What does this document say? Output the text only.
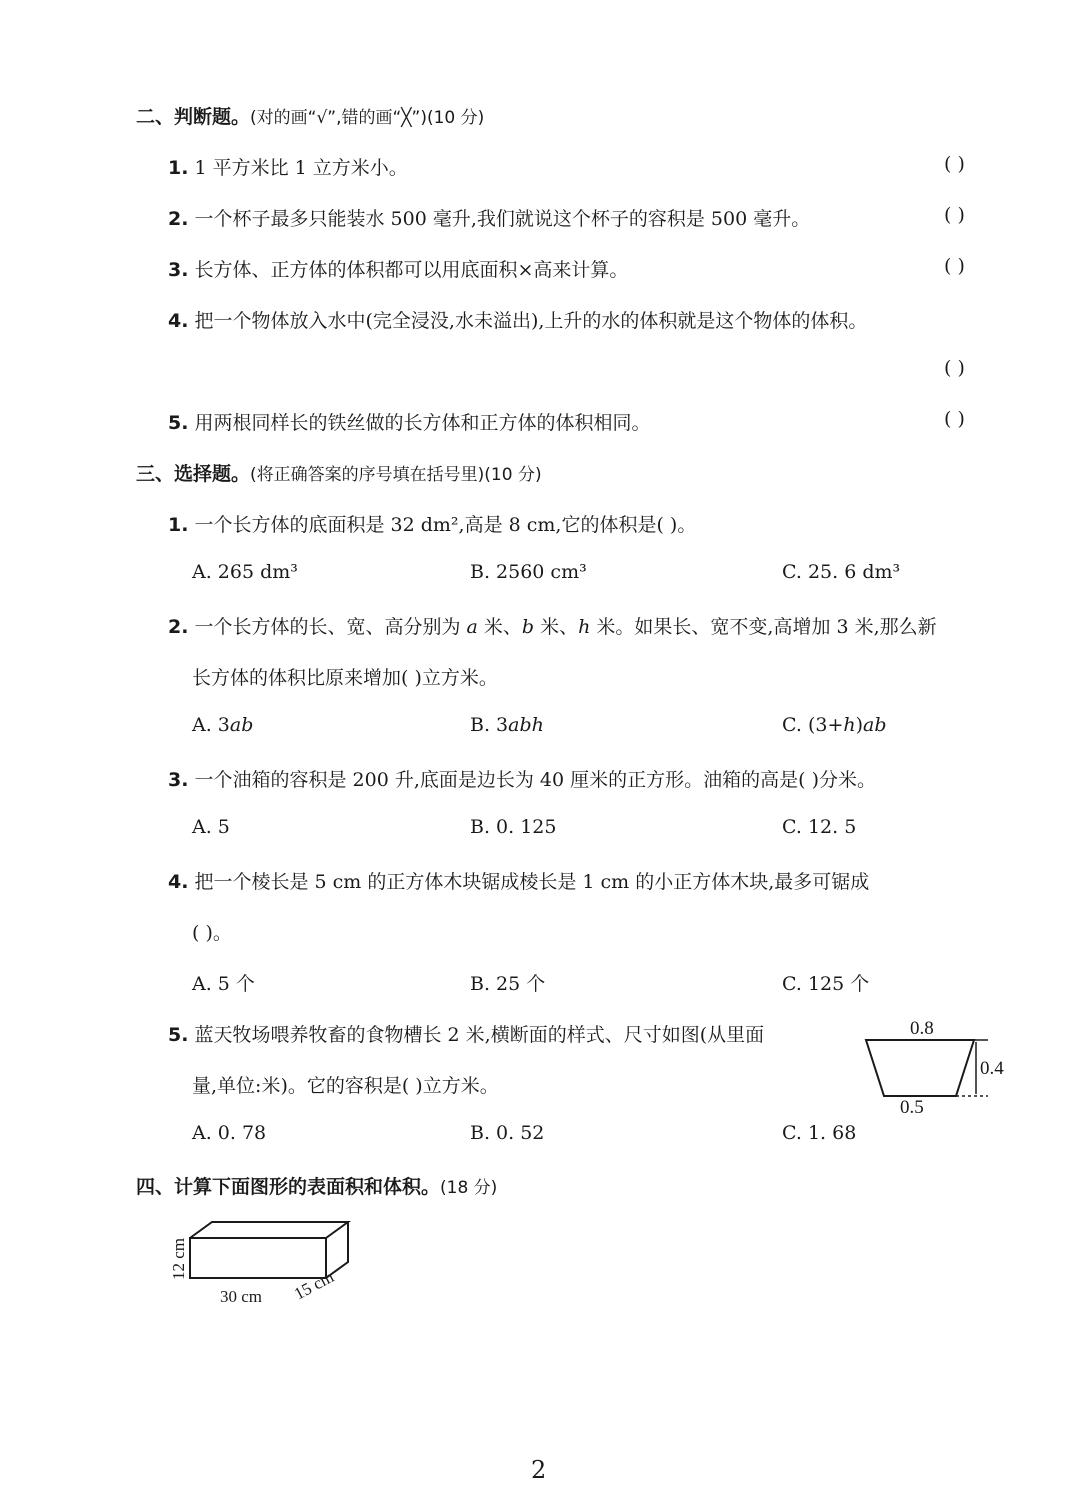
二、判断题。(对的画“√”,错的画“╳”)(10 分)
1. 1 平方米比 1 立方米小。	( )
2. 一个杯子最多只能装水 500 毫升,我们就说这个杯子的容积是 500 毫升。	( )
3. 长方体、正方体的体积都可以用底面积×高来计算。	( )
4. 把一个物体放入水中(完全浸没,水未溢出),上升的水的体积就是这个物体的体积。
( )
5. 用两根同样长的铁丝做的长方体和正方体的体积相同。	( )
三、选择题。(将正确答案的序号填在括号里)(10 分)
1. 一个长方体的底面积是 32 dm²,高是 8 cm,它的体积是( )。
A. 265 dm³	B. 2560 cm³	C. 25. 6 dm³
2. 一个长方体的长、宽、高分别为 a 米、b 米、h 米。如果长、宽不变,高增加 3 米,那么新
长方体的体积比原来增加( )立方米。
A. 3ab	B. 3abh	C. (3+h)ab
3. 一个油箱的容积是 200 升,底面是边长为 40 厘米的正方形。油箱的高是( )分米。
A. 5	B. 0. 125	C. 12. 5
4. 把一个棱长是 5 cm 的正方体木块锯成棱长是 1 cm 的小正方体木块,最多可锯成
( )。
A. 5 个	B. 25 个	C. 125 个
5. 蓝天牧场喂养牧畜的食物槽长 2 米,横断面的样式、尺寸如图(从里面
量,单位:米)。它的容积是( )立方米。
0.8
0.4
0.5
A. 0. 78	B. 0. 52	C. 1. 68
四、计算下面图形的表面积和体积。(18 分)
12 cm
30 cm 15 cm
2
